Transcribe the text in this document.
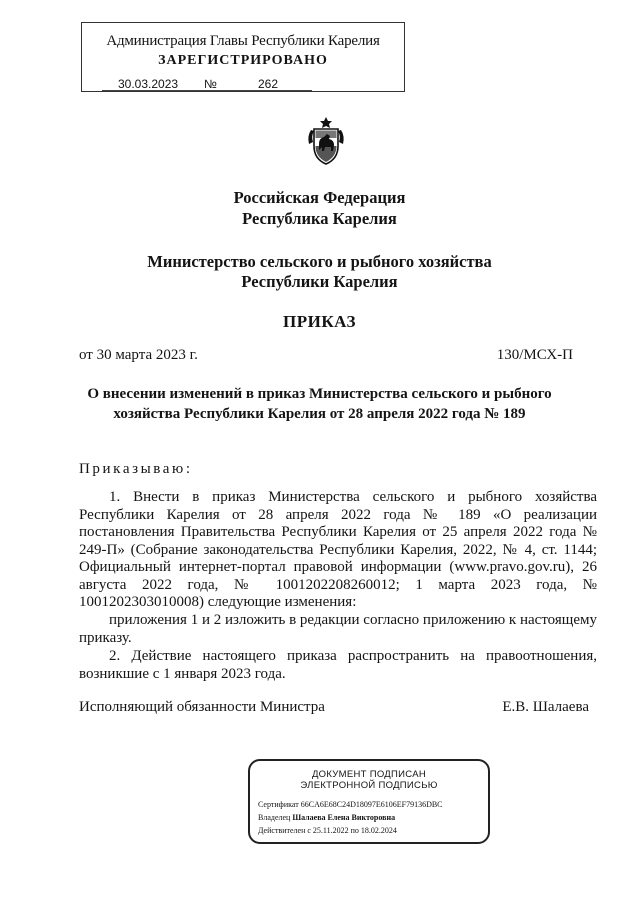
Администрация Главы Республики Карелия
ЗАРЕГИСТРИРОВАНО
30.03.2023 №	262
Российская Федерация
Республика Карелия
Министерство сельского и рыбного хозяйства
Республики Карелия
ПРИКАЗ
от 30 марта 2023 г.	130/МСХ-П
О внесении изменений в приказ Министерства сельского и рыбного
хозяйства Республики Карелия от 28 апреля 2022 года № 189
Приказываю:
1. Внести в приказ Министерства сельского и рыбного хозяйства Республики Карелия от 28 апреля 2022 года № 189 «О реализации постановления Правительства Республики Карелия от 25 апреля 2022 года № 249-П» (Собрание законодательства Республики Карелия, 2022, № 4, ст. 1144; Официальный интернет-портал правовой информации (www.pravo.gov.ru), 26 августа 2022 года, № 1001202208260012; 1 марта 2023 года, № 1001202303010008) следующие изменения:
приложения 1 и 2 изложить в редакции согласно приложению к настоящему приказу.
2. Действие настоящего приказа распространить на правоотношения, возникшие с 1 января 2023 года.
Исполняющий обязанности Министра	Е.В. Шалаева
ДОКУМЕНТ ПОДПИСАН
ЭЛЕКТРОННОЙ ПОДПИСЬЮ
Сертификат 66CA6E68C24D18097E6106EF79136DBC
Владелец Шалаева Елена Викторовна
Действителен с 25.11.2022 по 18.02.2024
